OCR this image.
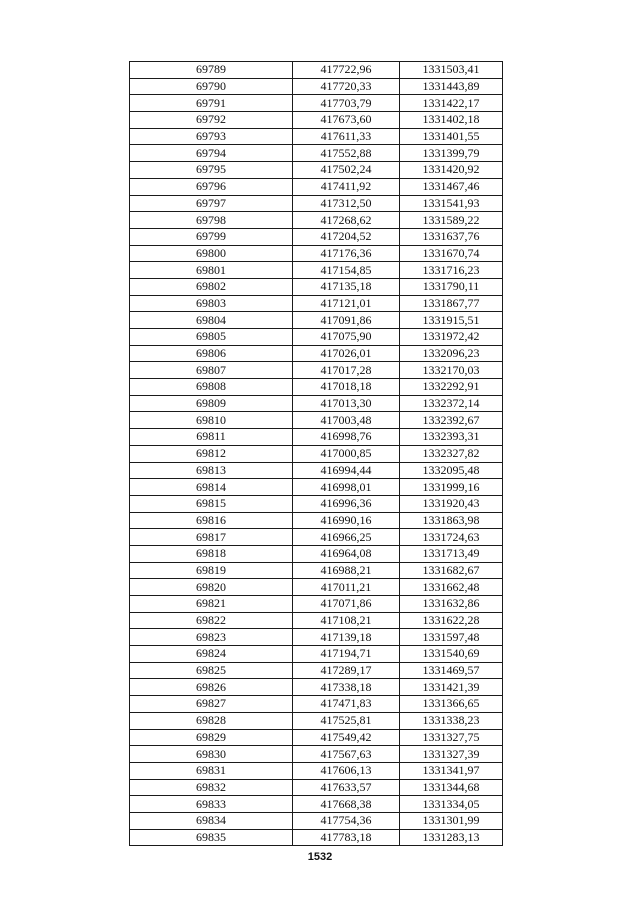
69789	417722,96	1331503,41
69790	417720,33	1331443,89
69791	417703,79	1331422,17
69792	417673,60	1331402,18
69793	417611,33	1331401,55
69794	417552,88	1331399,79
69795	417502,24	1331420,92
69796	417411,92	1331467,46
69797	417312,50	1331541,93
69798	417268,62	1331589,22
69799	417204,52	1331637,76
69800	417176,36	1331670,74
69801	417154,85	1331716,23
69802	417135,18	1331790,11
69803	417121,01	1331867,77
69804	417091,86	1331915,51
69805	417075,90	1331972,42
69806	417026,01	1332096,23
69807	417017,28	1332170,03
69808	417018,18	1332292,91
69809	417013,30	1332372,14
69810	417003,48	1332392,67
69811	416998,76	1332393,31
69812	417000,85	1332327,82
69813	416994,44	1332095,48
69814	416998,01	1331999,16
69815	416996,36	1331920,43
69816	416990,16	1331863,98
69817	416966,25	1331724,63
69818	416964,08	1331713,49
69819	416988,21	1331682,67
69820	417011,21	1331662,48
69821	417071,86	1331632,86
69822	417108,21	1331622,28
69823	417139,18	1331597,48
69824	417194,71	1331540,69
69825	417289,17	1331469,57
69826	417338,18	1331421,39
69827	417471,83	1331366,65
69828	417525,81	1331338,23
69829	417549,42	1331327,75
69830	417567,63	1331327,39
69831	417606,13	1331341,97
69832	417633,57	1331344,68
69833	417668,38	1331334,05
69834	417754,36	1331301,99
69835	417783,18	1331283,13
1532
